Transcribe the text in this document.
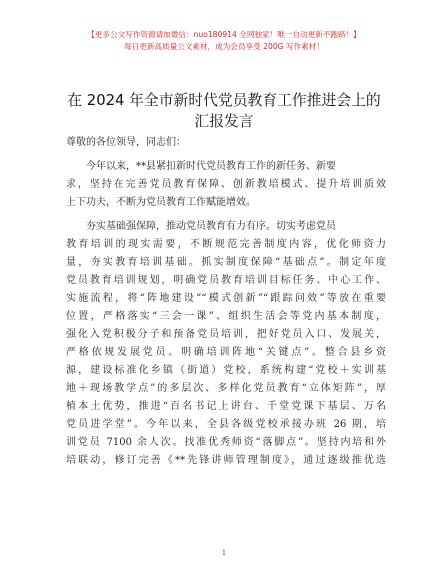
【更多公文写作资源请加微信：nuo180914 全网独家！唯一自动更新不跑路！】
每日更新高质量公文素材，成为会员享受 200G 写作素材！
在 2024 年全市新时代党员教育工作推进会上的
汇报发言
尊敬的各位领导，同志们：
今年以来，**县紧扣新时代党员教育工作的新任务、新要
求，坚持在完善党员教育保障、创新教培模式、提升培训质效
上下功夫，不断为党员教育工作赋能增效。
夯实基础强保障，推动党员教育有力有序。切实考虑党员
教育培训的现实需要，不断规范完善制度内容，优化师资力
量，夯实教育培训基础。抓实制度保障“基础点”。制定年度
党员教育培训规划，明确党员教育培训目标任务、中心工作、
实施流程，将“阵地建设”“模式创新”“跟踪问效”等放在重要
位置，严格落实“三会一课”、组织生活会等党内基本制度，
强化入党积极分子和预备党员培训，把好党员入口、发展关，
严格依规发展党员。明确培训阵地“关键点”。整合县乡资
源，建设标准化乡镇（街道）党校，系统构建“党校＋实训基
地＋现场教学点”的多层次、多样化党员教育“立体矩阵”，厚
植本土优势，推进“百名书记上讲台、千堂党课下基层、万名
党员进学堂”。今年以来，全县各级党校承接办班 26 期，培
训党员 7100 余人次。找准优秀师资“落脚点”。坚持内培和外
培联动，修订完善《**先锋讲师管理制度》，通过逐级推优选
1
